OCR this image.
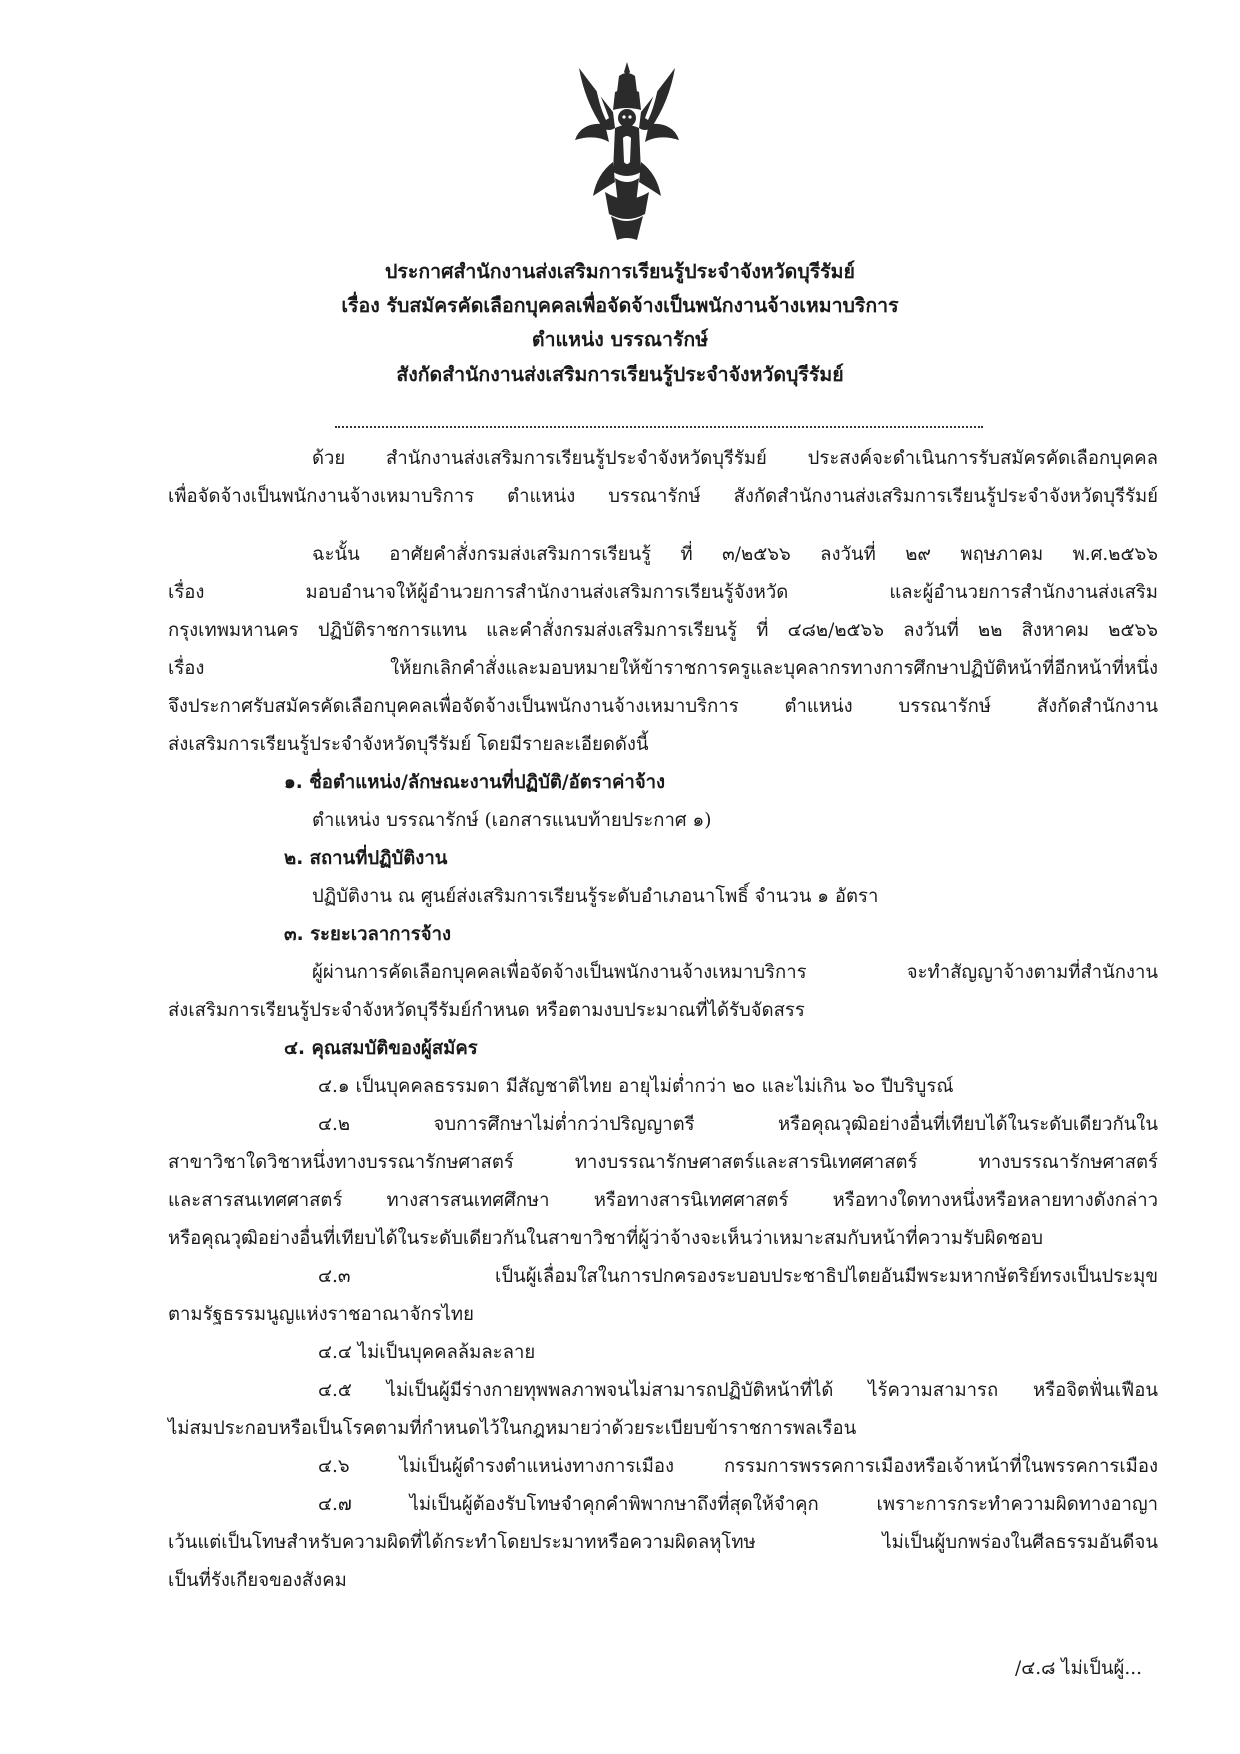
ประกาศสำนักงานส่งเสริมการเรียนรู้ประจำจังหวัดบุรีรัมย์
เรื่อง รับสมัครคัดเลือกบุคคลเพื่อจัดจ้างเป็นพนักงานจ้างเหมาบริการ
ตำแหน่ง บรรณารักษ์
สังกัดสำนักงานส่งเสริมการเรียนรู้ประจำจังหวัดบุรีรัมย์
ด้วย สำนักงานส่งเสริมการเรียนรู้ประจำจังหวัดบุรีรัมย์ ประสงค์จะดำเนินการรับสมัครคัดเลือกบุคคล
เพื่อจัดจ้างเป็นพนักงานจ้างเหมาบริการ ตำแหน่ง บรรณารักษ์ สังกัดสำนักงานส่งเสริมการเรียนรู้ประจำจังหวัดบุรีรัมย์
ฉะนั้น อาศัยคำสั่งกรมส่งเสริมการเรียนรู้ ที่ ๓/๒๕๖๖ ลงวันที่ ๒๙ พฤษภาคม พ.ศ.๒๕๖๖
เรื่อง มอบอำนาจให้ผู้อำนวยการสำนักงานส่งเสริมการเรียนรู้จังหวัด และผู้อำนวยการสำนักงานส่งเสริม
กรุงเทพมหานคร ปฏิบัติราชการแทน และคำสั่งกรมส่งเสริมการเรียนรู้ ที่ ๔๘๒/๒๕๖๖ ลงวันที่ ๒๒ สิงหาคม ๒๕๖๖
เรื่อง ให้ยกเลิกคำสั่งและมอบหมายให้ข้าราชการครูและบุคลากรทางการศึกษาปฏิบัติหน้าที่อีกหน้าที่หนึ่ง
จึงประกาศรับสมัครคัดเลือกบุคคลเพื่อจัดจ้างเป็นพนักงานจ้างเหมาบริการ ตำแหน่ง บรรณารักษ์ สังกัดสำนักงาน
ส่งเสริมการเรียนรู้ประจำจังหวัดบุรีรัมย์ โดยมีรายละเอียดดังนี้
๑. ชื่อตำแหน่ง/ลักษณะงานที่ปฏิบัติ/อัตราค่าจ้าง
ตำแหน่ง บรรณารักษ์ (เอกสารแนบท้ายประกาศ ๑)
๒. สถานที่ปฏิบัติงาน
ปฏิบัติงาน ณ ศูนย์ส่งเสริมการเรียนรู้ระดับอำเภอนาโพธิ์ จำนวน ๑ อัตรา
๓. ระยะเวลาการจ้าง
ผู้ผ่านการคัดเลือกบุคคลเพื่อจัดจ้างเป็นพนักงานจ้างเหมาบริการ จะทำสัญญาจ้างตามที่สำนักงาน
ส่งเสริมการเรียนรู้ประจำจังหวัดบุรีรัมย์กำหนด หรือตามงบประมาณที่ได้รับจัดสรร
๔. คุณสมบัติของผู้สมัคร
๔.๑ เป็นบุคคลธรรมดา มีสัญชาติไทย อายุไม่ต่ำกว่า ๒๐ และไม่เกิน ๖๐ ปีบริบูรณ์
๔.๒ จบการศึกษาไม่ต่ำกว่าปริญญาตรี หรือคุณวุฒิอย่างอื่นที่เทียบได้ในระดับเดียวกันใน
สาขาวิชาใดวิชาหนึ่งทางบรรณารักษศาสตร์ ทางบรรณารักษศาสตร์และสารนิเทศศาสตร์ ทางบรรณารักษศาสตร์
และสารสนเทศศาสตร์ ทางสารสนเทศศึกษา หรือทางสารนิเทศศาสตร์ หรือทางใดทางหนึ่งหรือหลายทางดังกล่าว
หรือคุณวุฒิอย่างอื่นที่เทียบได้ในระดับเดียวกันในสาขาวิชาที่ผู้ว่าจ้างจะเห็นว่าเหมาะสมกับหน้าที่ความรับผิดชอบ
๔.๓ เป็นผู้เลื่อมใสในการปกครองระบอบประชาธิปไตยอันมีพระมหากษัตริย์ทรงเป็นประมุข
ตามรัฐธรรมนูญแห่งราชอาณาจักรไทย
๔.๔ ไม่เป็นบุคคลล้มละลาย
๔.๕ ไม่เป็นผู้มีร่างกายทุพพลภาพจนไม่สามารถปฏิบัติหน้าที่ได้ ไร้ความสามารถ หรือจิตฟั่นเฟือน
ไม่สมประกอบหรือเป็นโรคตามที่กำหนดไว้ในกฎหมายว่าด้วยระเบียบข้าราชการพลเรือน
๔.๖ ไม่เป็นผู้ดำรงตำแหน่งทางการเมือง กรรมการพรรคการเมืองหรือเจ้าหน้าที่ในพรรคการเมือง
๔.๗ ไม่เป็นผู้ต้องรับโทษจำคุกคำพิพากษาถึงที่สุดให้จำคุก เพราะการกระทำความผิดทางอาญา
เว้นแต่เป็นโทษสำหรับความผิดที่ได้กระทำโดยประมาทหรือความผิดลหุโทษ ไม่เป็นผู้บกพร่องในศีลธรรมอันดีจน
เป็นที่รังเกียจของสังคม
/๔.๘ ไม่เป็นผู้...
